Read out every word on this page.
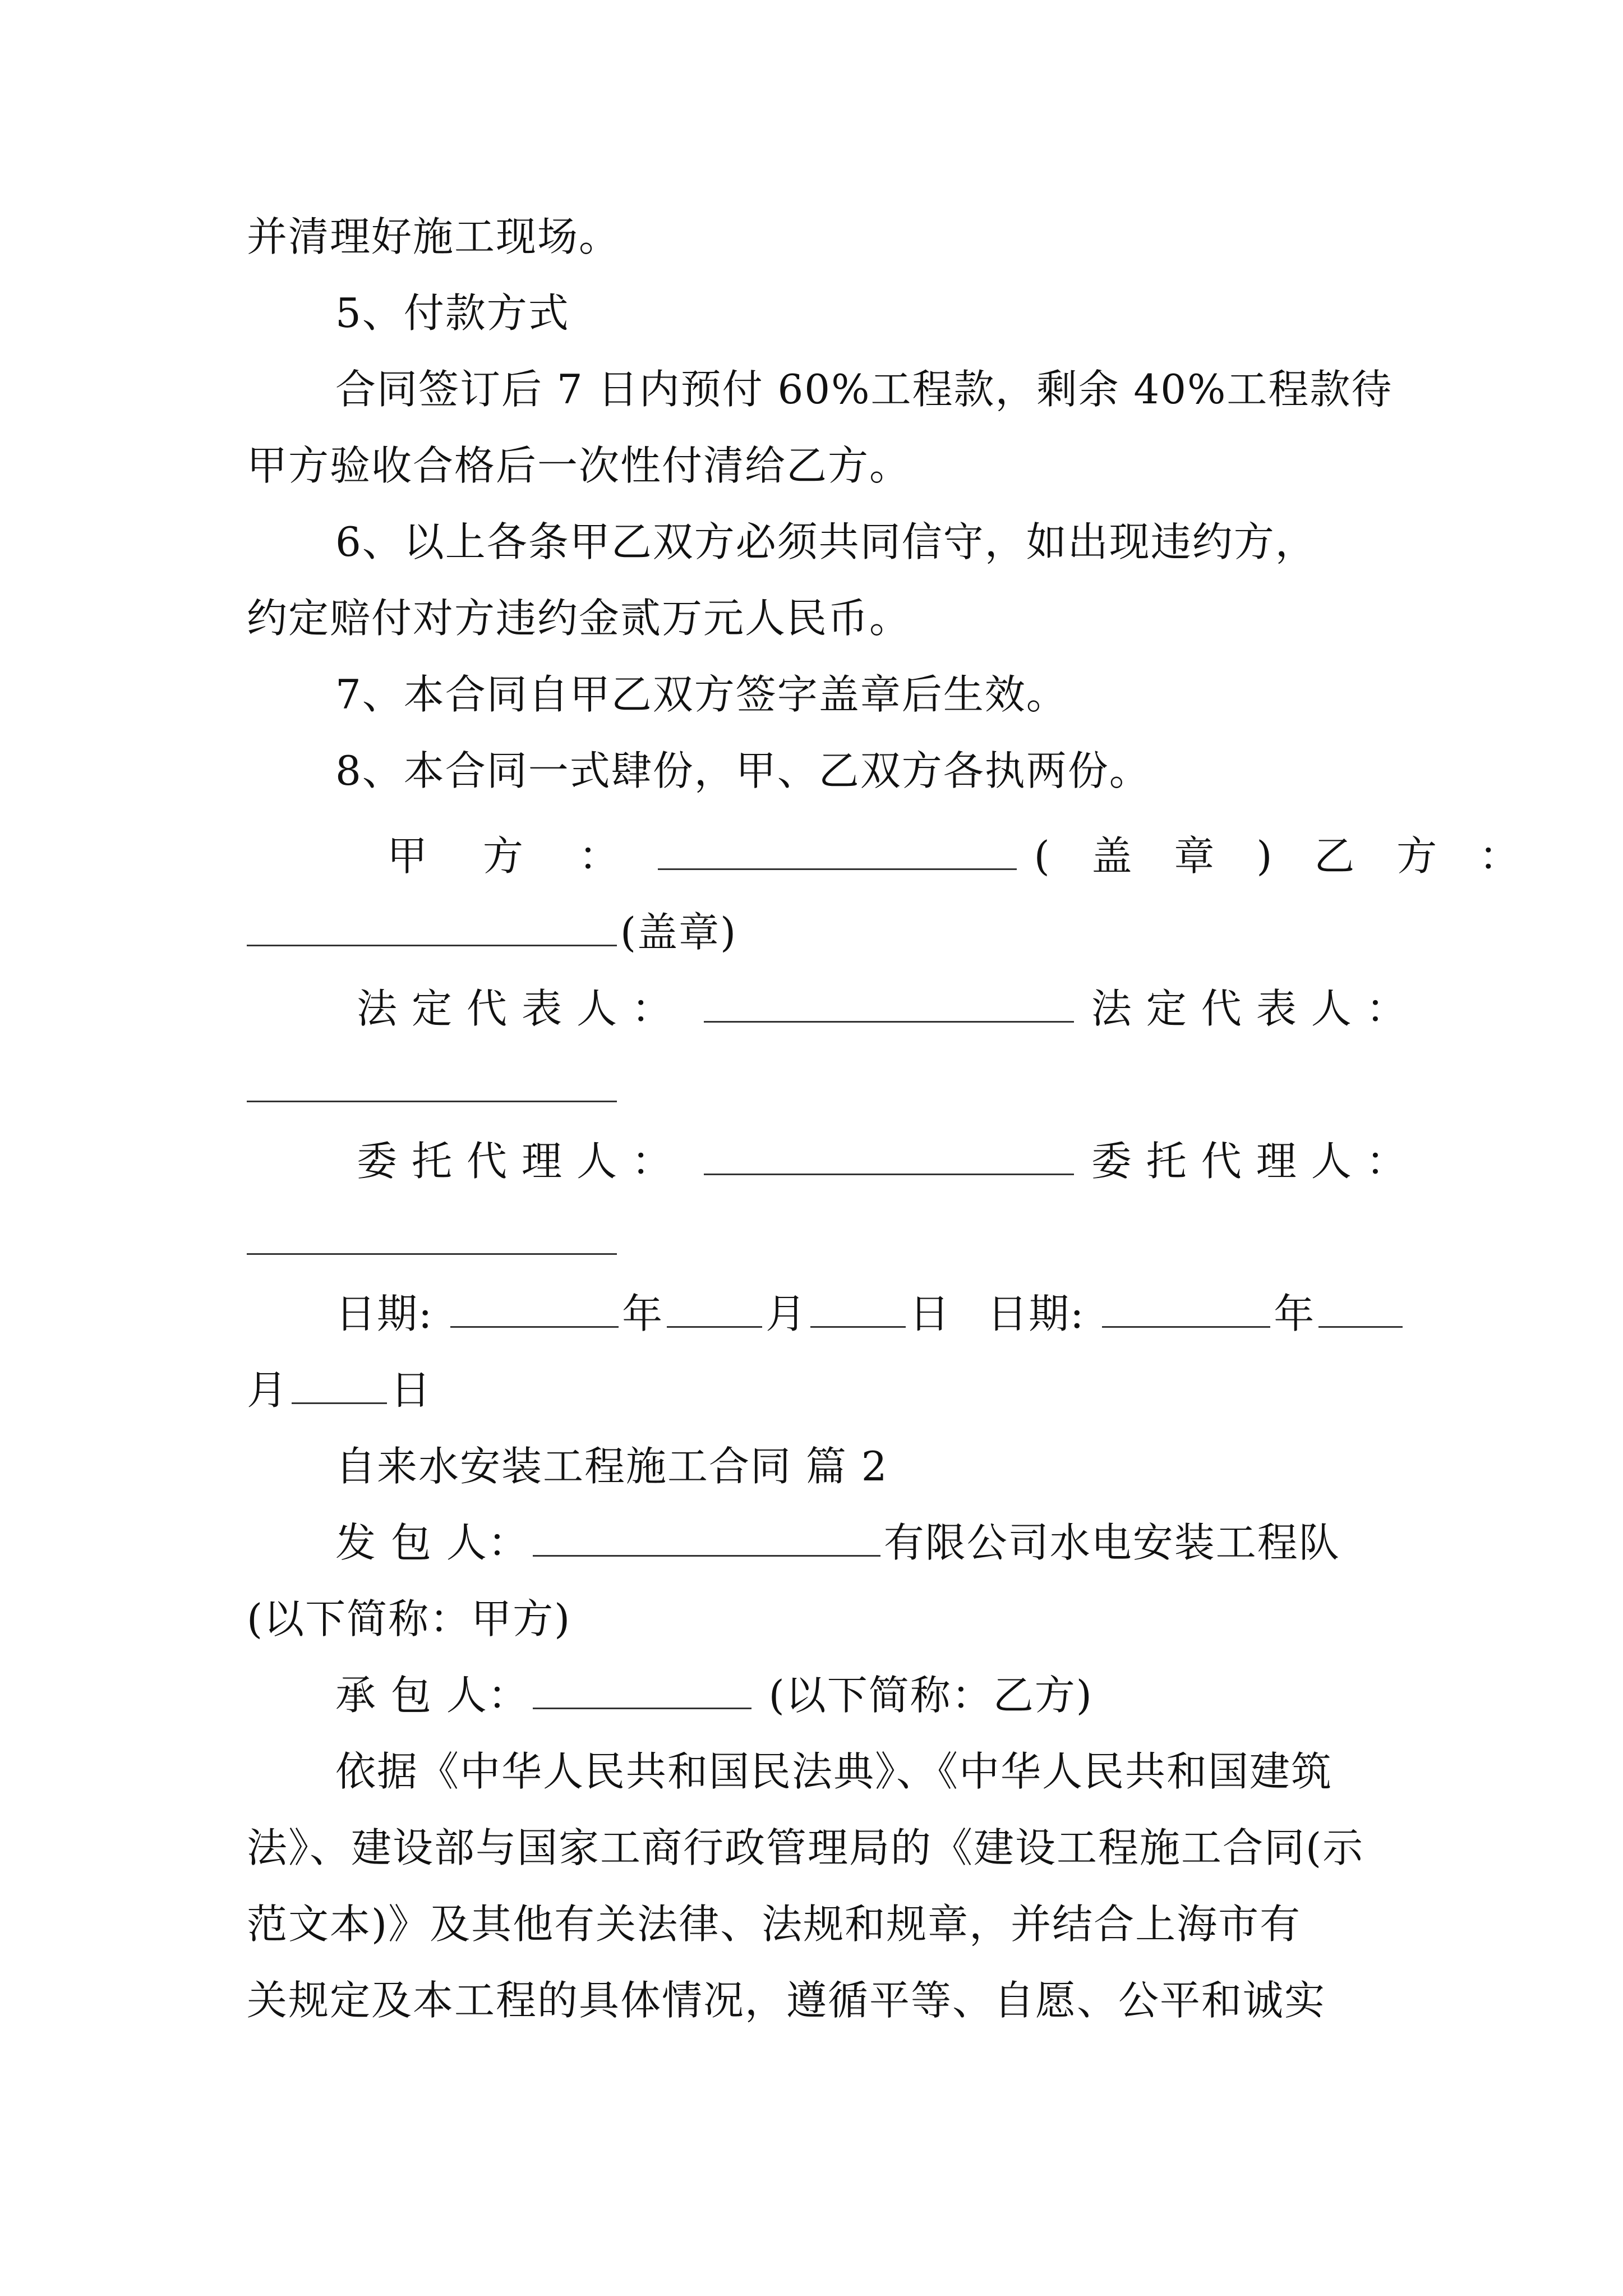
并清理好施工现场。
5、付款方式
合同签订后 7 日内预付 60%工程款，剩余 40%工程款待
甲方验收合格后一次性付清给乙方。
6、以上各条甲乙双方必须共同信守，如出现违约方，
约定赔付对方违约金贰万元人民币。
7、本合同自甲乙双方签字盖章后生效。
8、本合同一式肆份，甲、乙双方各执两份。
甲 方 ：	( 盖 章 ) 乙 方 ：
(盖章)
法定代表人：	法定代表人：
委托代理人：	委托代理人：
日期:	年	月	日 日期:	年
月	日
自来水安装工程施工合同 篇 2
发 包 人：	有限公司水电安装工程队
(以下简称：甲方)
承 包 人：	(以下简称：乙方)
依据《中华人民共和国民法典》、《中华人民共和国建筑
法》、建设部与国家工商行政管理局的《建设工程施工合同(示
范文本)》及其他有关法律、法规和规章，并结合上海市有
关规定及本工程的具体情况，遵循平等、自愿、公平和诚实
